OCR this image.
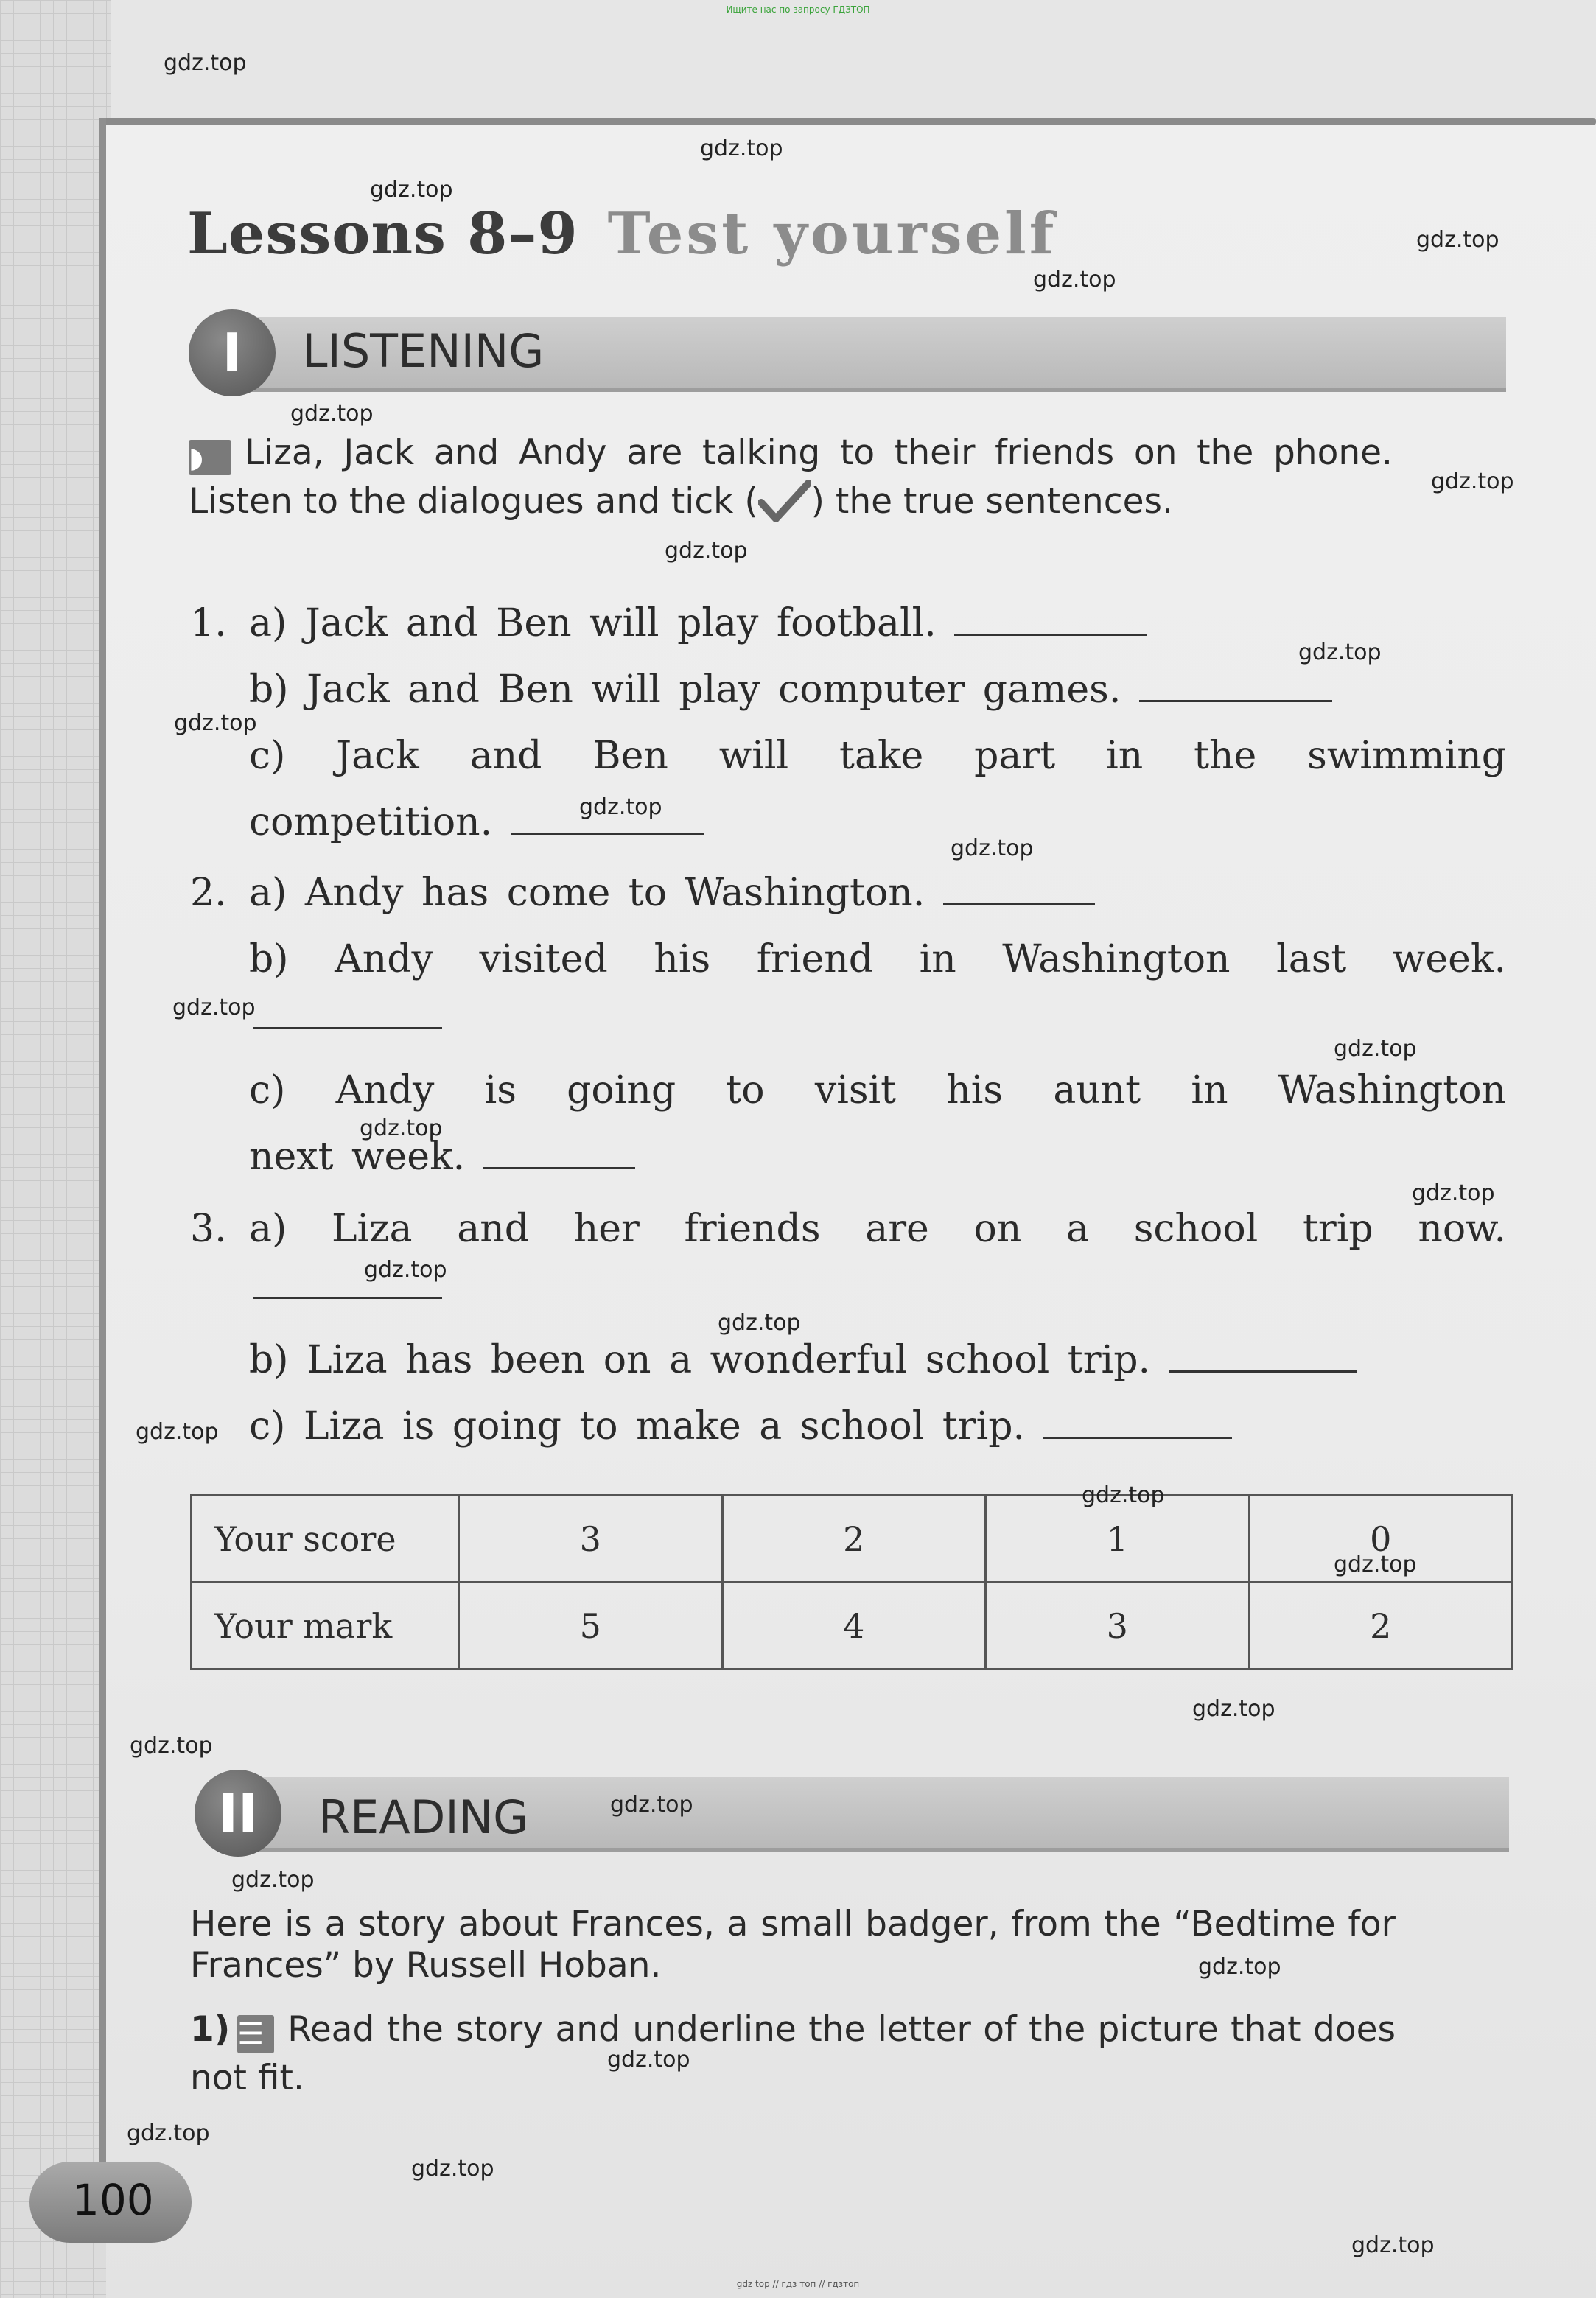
Ищите нас по запросу ГДЗТОП
Lessons 8–9 Test yourself
I	LISTENING
◗ Liza, Jack and Andy are talking to their friends on the phone. Listen to the dialogues and tick ( ) the true sentences.
1. a) Jack and Ben will play football.
b) Jack and Ben will play computer games.
c) Jack and Ben will take part in the swimming
competition.
2. a) Andy has come to Washington.
b) Andy visited his friend in Washington last week.
c) Andy is going to visit his aunt in Washington
next week.
3. a) Liza and her friends are on a school trip now.
b) Liza has been on a wonderful school trip.
c) Liza is going to make a school trip.
Your score	3	2	1	0
Your mark	5	4	3	2
II	READING
Here is a story about Frances, a small badger, from the “Bedtime for Frances” by Russell Hoban.
1) ☰ Read the story and underline the letter of the picture that does not fit.
100
gdz top // гдз топ // гдзтоп
gdz.top
gdz.top
gdz.top
gdz.top
gdz.top
gdz.top
gdz.top
gdz.top
gdz.top
gdz.top
gdz.top
gdz.top
gdz.top
gdz.top
gdz.top
gdz.top
gdz.top
gdz.top
gdz.top
gdz.top
gdz.top
gdz.top
gdz.top
gdz.top
gdz.top
gdz.top
gdz.top
gdz.top
gdz.top
gdz.top
